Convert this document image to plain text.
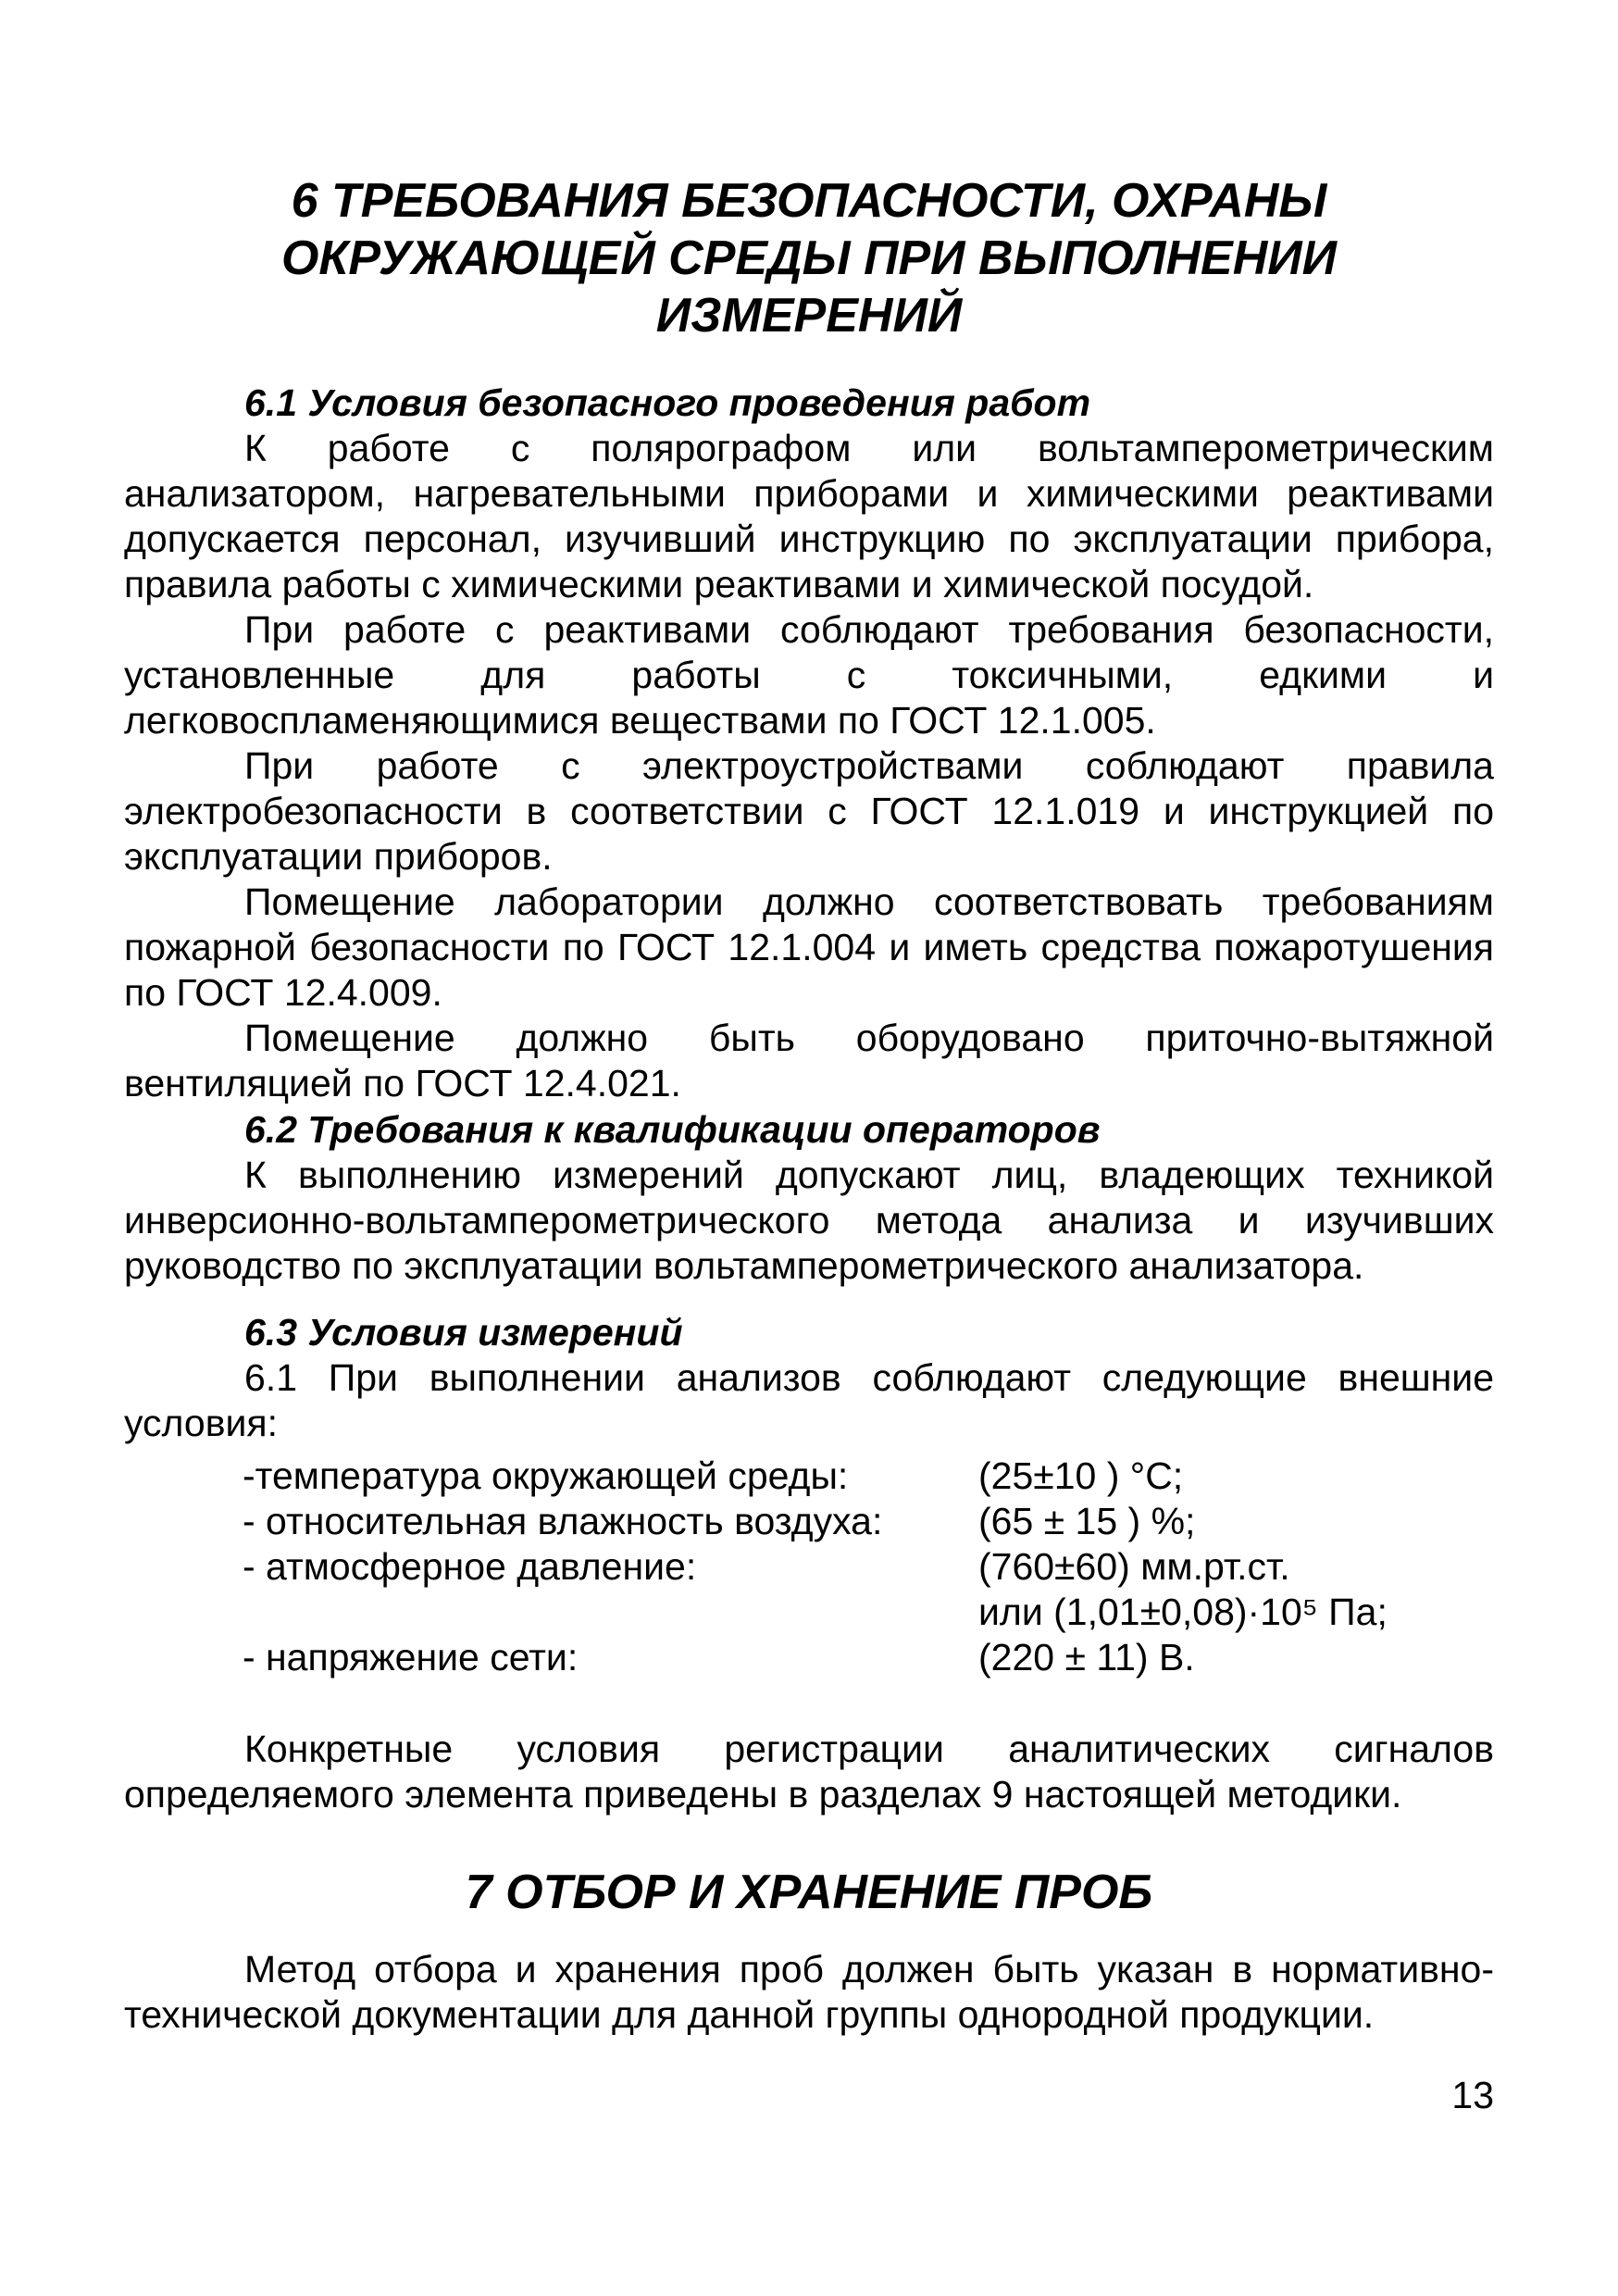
6 ТРЕБОВАНИЯ БЕЗОПАСНОСТИ, ОХРАНЫ ОКРУЖАЮЩЕЙ СРЕДЫ ПРИ ВЫПОЛНЕНИИ ИЗМЕРЕНИЙ
6.1 Условия безопасного проведения работ

К работе с полярографом или вольтамперометрическим анализатором, нагревательными приборами и химическими реактивами допускается персонал, изучивший инструкцию по эксплуатации прибора, правила работы с химическими реактивами и химической посудой.

При работе с реактивами соблюдают требования безопасности, установленные для работы с токсичными, едкими и легковоспламеняющимися веществами по ГОСТ 12.1.005.

При работе с электроустройствами соблюдают правила электробезопасности в соответствии с ГОСТ 12.1.019 и инструкцией по эксплуатации приборов.

Помещение лаборатории должно соответствовать требованиям пожарной безопасности по ГОСТ 12.1.004 и иметь средства пожаротушения по ГОСТ 12.4.009.

Помещение должно быть оборудовано приточно-вытяжной вентиляцией по ГОСТ 12.4.021.

6.2 Требования к квалификации операторов

К выполнению измерений допускают лиц, владеющих техникой инверсионно-вольтамперометрического метода анализа и изучивших руководство по эксплуатации вольтамперометрического анализатора.

6.3 Условия измерений

6.1 При выполнении анализов соблюдают следующие внешние условия:

-температура окружающей среды:	(25±10 ) °С;
- относительная влажность воздуха:	(65 ± 15 ) %;
- атмосферное давление:	(760±60) мм.рт.ст.
или (1,01±0,08)·10⁵ Па;
- напряжение сети:	(220 ± 11) В.

Конкретные условия регистрации аналитических сигналов определяемого элемента приведены в разделах 9 настоящей методики.

7 ОТБОР И ХРАНЕНИЕ ПРОБ

Метод отбора и хранения проб должен быть указан в нормативно-технической документации для данной группы однородной продукции.

13
